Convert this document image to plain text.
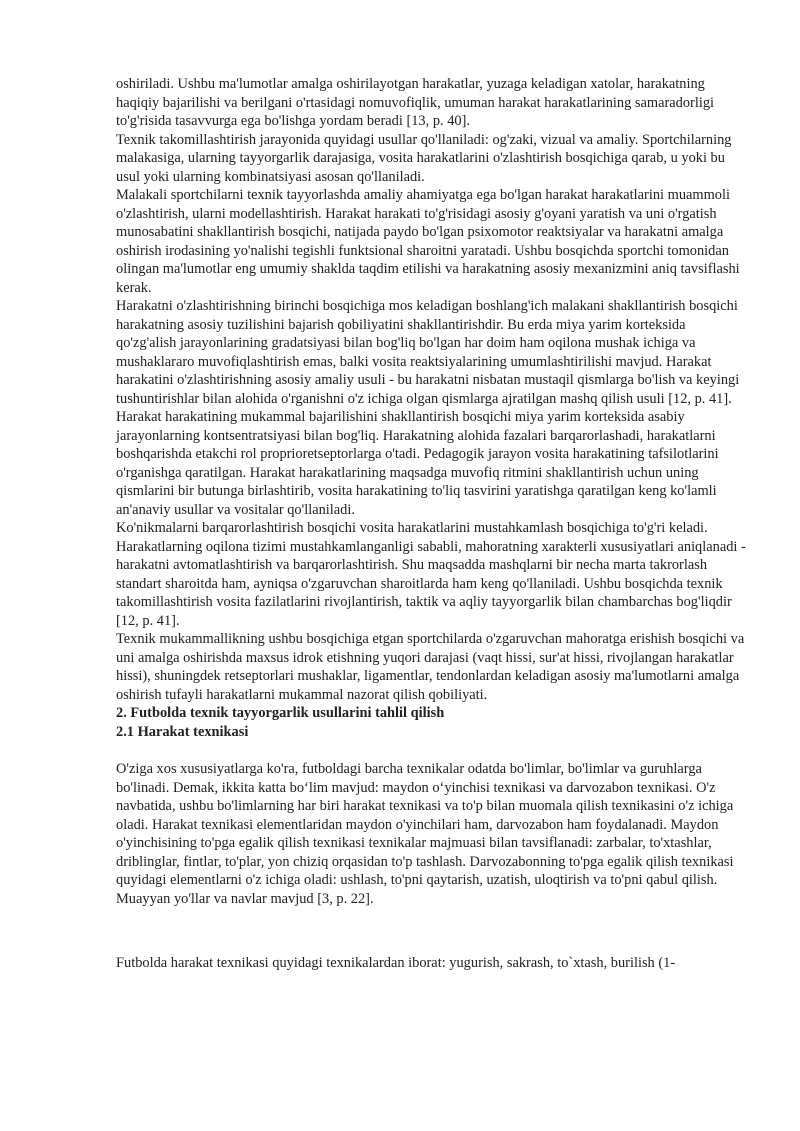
oshiriladi. Ushbu ma'lumotlar amalga oshirilayotgan harakatlar, yuzaga keladigan xatolar, harakatning haqiqiy bajarilishi va berilgani o'rtasidagi nomuvofiqlik, umuman harakat harakatlarining samaradorligi to'g'risida tasavvurga ega bo'lishga yordam beradi [13, p. 40].

Texnik takomillashtirish jarayonida quyidagi usullar qo'llaniladi: og'zaki, vizual va amaliy. Sportchilarning malakasiga, ularning tayyorgarlik darajasiga, vosita harakatlarini o'zlashtirish bosqichiga qarab, u yoki bu usul yoki ularning kombinatsiyasi asosan qo'llaniladi.

Malakali sportchilarni texnik tayyorlashda amaliy ahamiyatga ega bo'lgan harakat harakatlarini muammoli o'zlashtirish, ularni modellashtirish. Harakat harakati to'g'risidagi asosiy g'oyani yaratish va uni o'rgatish munosabatini shakllantirish bosqichi, natijada paydo bo'lgan psixomotor reaktsiyalar va harakatni amalga oshirish irodasining yo'nalishi tegishli funktsional sharoitni yaratadi. Ushbu bosqichda sportchi tomonidan olingan ma'lumotlar eng umumiy shaklda taqdim etilishi va harakatning asosiy mexanizmini aniq tavsiflashi kerak.

Harakatni o'zlashtirishning birinchi bosqichiga mos keladigan boshlang'ich malakani shakllantirish bosqichi harakatning asosiy tuzilishini bajarish qobiliyatini shakllantirishdir. Bu erda miya yarim korteksida qo'zg'alish jarayonlarining gradatsiyasi bilan bog'liq bo'lgan har doim ham oqilona mushak ichiga va mushaklararo muvofiqlashtirish emas, balki vosita reaktsiyalarining umumlashtirilishi mavjud. Harakat harakatini o'zlashtirishning asosiy amaliy usuli - bu harakatni nisbatan mustaqil qismlarga bo'lish va keyingi tushuntirishlar bilan alohida o'rganishni o'z ichiga olgan qismlarga ajratilgan mashq qilish usuli [12, p. 41].

Harakat harakatining mukammal bajarilishini shakllantirish bosqichi miya yarim korteksida asabiy jarayonlarning kontsentratsiyasi bilan bog'liq. Harakatning alohida fazalari barqarorlashadi, harakatlarni boshqarishda etakchi rol proprioretseptorlarga o'tadi. Pedagogik jarayon vosita harakatining tafsilotlarini o'rganishga qaratilgan. Harakat harakatlarining maqsadga muvofiq ritmini shakllantirish uchun uning qismlarini bir butunga birlashtirib, vosita harakatining to'liq tasvirini yaratishga qaratilgan keng ko'lamli an'anaviy usullar va vositalar qo'llaniladi.

Ko'nikmalarni barqarorlashtirish bosqichi vosita harakatlarini mustahkamlash bosqichiga to'g'ri keladi. Harakatlarning oqilona tizimi mustahkamlanganligi sababli, mahoratning xarakterli xususiyatlari aniqlanadi - harakatni avtomatlashtirish va barqarorlashtirish. Shu maqsadda mashqlarni bir necha marta takrorlash standart sharoitda ham, ayniqsa o'zgaruvchan sharoitlarda ham keng qo'llaniladi. Ushbu bosqichda texnik takomillashtirish vosita fazilatlarini rivojlantirish, taktik va aqliy tayyorgarlik bilan chambarchas bog'liqdir [12, p. 41].

Texnik mukammallikning ushbu bosqichiga etgan sportchilarda o'zgaruvchan mahoratga erishish bosqichi va uni amalga oshirishda maxsus idrok etishning yuqori darajasi (vaqt hissi, sur'at hissi, rivojlangan harakatlar hissi), shuningdek retseptorlari mushaklar, ligamentlar, tendonlardan keladigan asosiy ma'lumotlarni amalga oshirish tufayli harakatlarni mukammal nazorat qilish qobiliyati.

2. Futbolda texnik tayyorgarlik usullarini tahlil qilish
2.1 Harakat texnikasi

O'ziga xos xususiyatlarga ko'ra, futboldagi barcha texnikalar odatda bo'limlar, bo'limlar va guruhlarga bo'linadi. Demak, ikkita katta bo‘lim mavjud: maydon o‘yinchisi texnikasi va darvozabon texnikasi. O'z navbatida, ushbu bo'limlarning har biri harakat texnikasi va to'p bilan muomala qilish texnikasini o'z ichiga oladi. Harakat texnikasi elementlaridan maydon o'yinchilari ham, darvozabon ham foydalanadi. Maydon o'yinchisining to'pga egalik qilish texnikasi texnikalar majmuasi bilan tavsiflanadi: zarbalar, to'xtashlar, driblinglar, fintlar, to'plar, yon chiziq orqasidan to'p tashlash. Darvozabonning to'pga egalik qilish texnikasi quyidagi elementlarni o'z ichiga oladi: ushlash, to'pni qaytarish, uzatish, uloqtirish va to'pni qabul qilish. Muayyan yo'llar va navlar mavjud [3, p. 22].

Futbolda harakat texnikasi quyidagi texnikalardan iborat: yugurish, sakrash, to`xtash, burilish (1-
